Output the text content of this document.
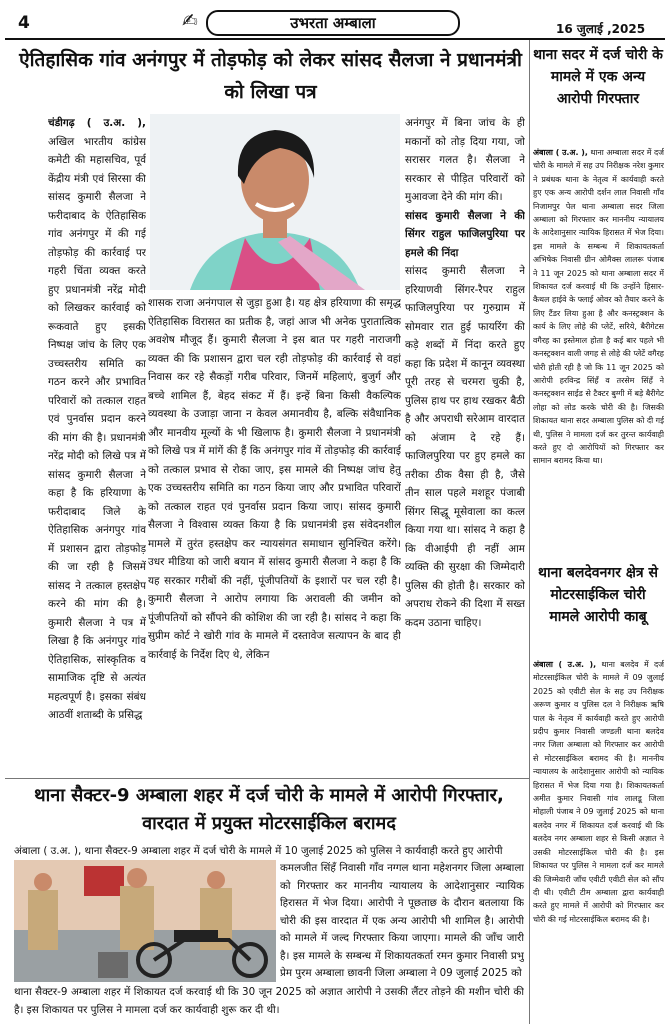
4	✍	उभरता अम्बाला	16 जुलाई ,2025
ऐतिहासिक गांव अनंगपुर में तोड़फोड़ को लेकर सांसद सैलजा ने प्रधानमंत्री को लिखा पत्र

चंडीगढ़ ( उ.अ. ), अखिल भारतीय कांग्रेस कमेटी की महासचिव, पूर्व केंद्रीय मंत्री एवं सिरसा की सांसद कुमारी सैलजा ने फरीदाबाद के ऐतिहासिक गांव अनंगपुर में की गई तोड़फोड़ की कार्रवाई पर गहरी चिंता व्यक्त करते हुए प्रधानमंत्री नरेंद्र मोदी को लिखकर कार्रवाई को रूकवाते हुए इसकी निष्पक्ष जांच के लिए एक उच्चस्तरीय समिति का गठन करने और प्रभावित परिवारों को तत्काल राहत एवं पुनर्वास प्रदान करने की मांग की है। प्रधानमंत्री नरेंद्र मोदी को लिखे पत्र में सांसद कुमारी सैलजा ने कहा है कि हरियाणा के फरीदाबाद जिले के ऐतिहासिक अनंगपुर गांव में प्रशासन द्वारा तोड़फोड़ की जा रही है जिसमें सांसद ने तत्काल हस्तक्षेप करने की मांग की है। कुमारी सैलजा ने पत्र में लिखा है कि अनंगपुर गांव ऐतिहासिक, सांस्कृतिक व सामाजिक दृष्टि से अत्यंत महत्वपूर्ण है। इसका संबंध आठवीं शताब्दी के प्रसिद्ध

शासक राजा अनंगपाल से जुड़ा हुआ है। यह क्षेत्र हरियाणा की समृद्ध ऐतिहासिक विरासत का प्रतीक है, जहां आज भी अनेक पुरातात्विक अवशेष मौजूद हैं। कुमारी सैलजा ने इस बात पर गहरी नाराजगी व्यक्त की कि प्रशासन द्वारा चल रही तोड़फोड़ की कार्रवाई से वहां निवास कर रहे सैकड़ों गरीब परिवार, जिनमें महिलाएं, बुजुर्ग और बच्चे शामिल हैं, बेहद संकट में हैं। इन्हें बिना किसी वैकल्पिक व्यवस्था के उजाड़ा जाना न केवल अमानवीय है, बल्कि संवैधानिक और मानवीय मूल्यों के भी खिलाफ है। कुमारी सैलजा ने प्रधानमंत्री को लिखे पत्र में मांगें की हैं कि अनंगपुर गांव में तोड़फोड़ की कार्रवाई को तत्काल प्रभाव से रोका जाए, इस मामले की निष्पक्ष जांच हेतु एक उच्चस्तरीय समिति का गठन किया जाए और प्रभावित परिवारों को तत्काल राहत एवं पुनर्वास प्रदान किया जाए। सांसद कुमारी सैलजा ने विश्वास व्यक्त किया है कि प्रधानमंत्री इस संवेदनशील मामले में तुरंत हस्तक्षेप कर न्यायसंगत समाधान सुनिश्चित करेंगे। उधर मीडिया को जारी बयान में सांसद कुमारी सैलजा ने कहा है कि यह सरकार गरीबों की नहीं, पूंजीपतियों के इशारों पर चल रही है। कुमारी सैलजा ने आरोप लगाया कि अरावली की जमीन को पूंजीपतियों को सौंपने की कोशिश की जा रही है। सांसद ने कहा कि सुप्रीम कोर्ट ने खोरी गांव के मामले में दस्तावेज सत्यापन के बाद ही कार्रवाई के निर्देश दिए थे, लेकिन

अनंगपुर में बिना जांच के ही मकानों को तोड़ दिया गया, जो सरासर गलत है। सैलजा ने सरकार से पीड़ित परिवारों को मुआवजा देने की मांग की।

सांसद कुमारी सैलजा ने की सिंगर राहुल फाजिलपुरिया पर हमले की निंदा

सांसद कुमारी सैलजा ने हरियाणवी सिंगर-रैपर राहुल फाजिलपुरिया पर गुरुग्राम में सोमवार रात हुई फायरिंग की कड़े शब्दों में निंदा करते हुए कहा कि प्रदेश में कानून व्यवस्था पूरी तरह से चरमरा चुकी है, पुलिस हाथ पर हाथ रखकर बैठी है और अपराधी सरेआम वारदात को अंजाम दे रहे हैं। फाजिलपुरिया पर हुए हमले का तरीका ठीक वैसा ही है, जैसे तीन साल पहले मशहूर पंजाबी सिंगर सिद्धू मूसेवाला का कत्ल किया गया था। सांसद ने कहा है कि वीआईपी ही नहीं आम व्यक्ति की सुरक्षा की जिम्मेदारी पुलिस की होती है। सरकार को अपराध रोकने की दिशा में सख्त कदम उठाना चाहिए।

थाना सैक्टर-9 अम्बाला शहर में दर्ज चोरी के मामले में आरोपी गिरफ्तार, वारदात में प्रयुक्त मोटरसाईकिल बरामद
अंबाला ( उ.अ. ), थाना सैक्टर-9 अम्बाला शहर में दर्ज चोरी के मामले में 10 जुलाई 2025 को पुलिस ने कार्यवाही करते हुए आरोपी
कमलजीत सिंहँ निवासी गाँव नग्गल थाना महेशनगर जिला अम्बाला को गिरफ्तार कर माननीय न्यायालय के आदेशानुसार न्यायिक हिरासत में भेज दिया। आरोपी ने पूछताछ के दौरान बतलाया कि चोरी की इस वारदात में एक अन्य आरोपी भी शामिल है। आरोपी को मामले में जल्द गिरफ्तार किया जाएगा। मामले की जाँच जारी है। इस मामले के सम्बन्ध में शिकायतकर्ता रमन कुमार निवासी प्रभु प्रेम पुरम अम्बाला छावनी जिला अम्बाला ने 09 जुलाई 2025 को
थाना सैक्टर-9 अम्बाला शहर में शिकायत दर्ज करवाई थी कि 30 जून 2025 को अज्ञात आरोपी ने उसकी लैंटर तोड़ने की मशीन चोरी की है। इस शिकायत पर पुलिस ने मामला दर्ज कर कार्यवाही शुरू कर दी थी।
थाना सदर में दर्ज चोरी के मामले में एक अन्य आरोपी गिरफ्तार
अंबाला ( उ.अ. ), थाना अम्बाला सदर में दर्ज चोरी के मामले में सह उप निरीक्षक नरेश कुमार ने प्रबंधक थाना के नेतृत्व में कार्यवाही करते हुए एक अन्य आरोपी दर्शन लाल निवासी गाँव निजामपुर पेल थाना अम्बाला सदर जिला अम्बाला को गिरफ्तार कर माननीय न्यायालय के आदेशानुसार न्यायिक हिरासत में भेज दिया। इस मामले के सम्बन्ध में शिकायतकर्ता अभिषेक निवासी ग्रीन ओमैक्स लालरू पंजाब ने 11 जून 2025 को थाना अम्बाला सदर में शिकायत दर्ज करवाई थी कि उन्होंने हिसार-कैथल हाईवे के फ्लाई ओवर को तैयार करने के लिए टैंडर लिया हुआ है और कनस्ट्रक्शन के कार्य के लिए लोहे की प्लेटें, सरिये, बैरीगेटस वगैरह का इस्तेमाल होता है कई बार पहले भी कनस्ट्रक्शन वाली जगह से लोहे की प्लेटें वगैरह चोरी होती रही है जो कि 11 जून 2025 को आरोपी हरविन्द्र सिंहँ व तरसेम सिंहँ ने कनस्ट्रक्शन साईड से टैक्टर बुग्गी में बड़े बैरीगेट लोहा को लोड करके चोरी की है। जिसकी शिकायत थाना सदर अम्बाला पुलिस को दी गई थी, पुलिस ने मामला दर्ज कर तुरन्त कार्यवाही करते हुए दो आरोपियों को गिरफ्तार कर सामान बरामद किया था।
थाना बलदेवनगर क्षेत्र से मोटरसाईकिल चोरी मामले आरोपी काबू
अंबाला ( उ.अ. ), थाना बलदेव में दर्ज मोटरसाईकिल चोरी के मामले में 09 जुलाई 2025 को एवीटी सेल के सह उप निरीक्षक अरूण कुमार व पुलिस दल ने निरीक्षक ऋषि पाल के नेतृत्व में कार्यवाही करते हुए आरोपी प्रदीप कुमार निवासी जण्डली थाना बलदेव नगर जिला अम्बाला को गिरफ्तार कर आरोपी से मोटरसाईकिल बरामद की है। माननीय न्यायालय के आदेशानुसार आरोपी को न्यायिक हिरासत में भेज दिया गया है। शिकायतकर्ता अमीत कुमार निवासी गांव लालडू जिला मोहाली पंजाब ने 09 जुलाई 2025 को थाना बलदेव नगर में शिकायत दर्ज करवाई थी कि बलदेव नगर अम्बाला शहर से किसी अज्ञात ने उसकी मोटरसाईकिल चोरी की है। इस शिकायत पर पुलिस ने मामला दर्ज कर मामले की जिम्मेवारी जाँच एवीटी एवीटी सेल को सौंप दी थी। एवीटी टीम अम्बाला द्वारा कार्यवाही करते हुए मामले में आरोपी को गिरफ्तार कर चोरी की गई मोटरसाईकिल बरामद की है।
